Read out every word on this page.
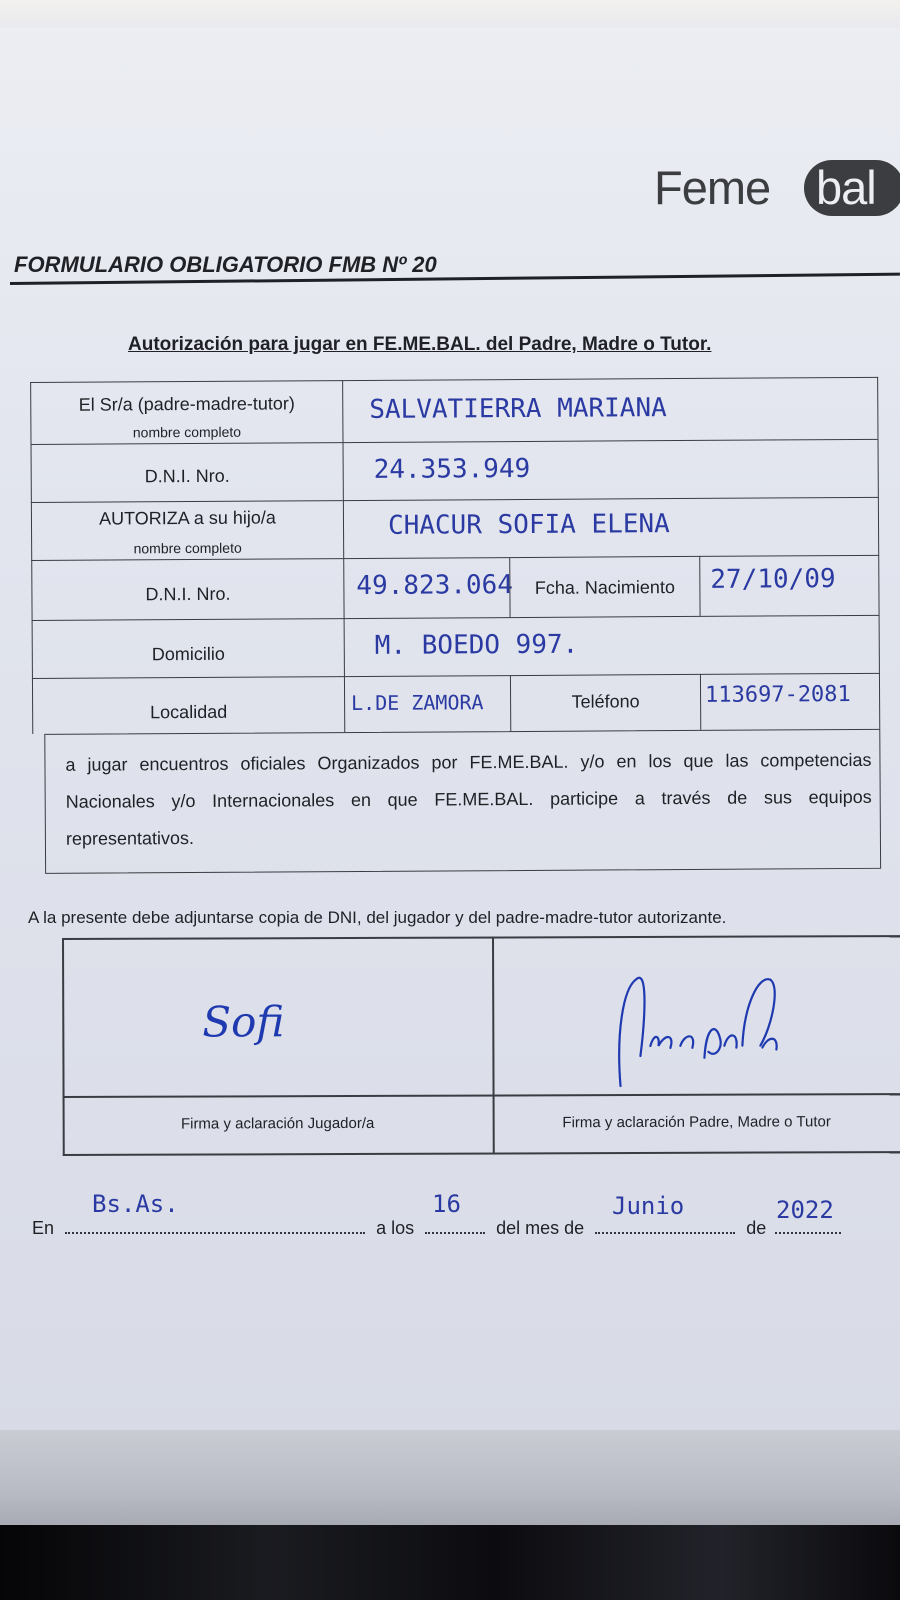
Feme bal
FORMULARIO OBLIGATORIO FMB Nº 20
Autorización para jugar en FE.ME.BAL. del Padre, Madre o Tutor.
El Sr/a (padre-madre-tutor)
nombre completo
SALVATIERRA MARIANA
D.N.I. Nro.	24.353.949
AUTORIZA a su hijo/a
nombre completo
CHACUR SOFIA ELENA
D.N.I. Nro.	49.823.064	Fcha. Nacimiento	27/10/09
Domicilio	M. BOEDO 997.
Localidad	L.DE ZAMORA	Teléfono	113697-2081
a jugar encuentros oficiales Organizados por FE.ME.BAL. y/o en los que las competencias Nacionales y/o Internacionales en que FE.ME.BAL. participe a través de sus equipos representativos.
A la presente debe adjuntarse copia de DNI, del jugador y del padre-madre-tutor autorizante.
Sofi
Firma y aclaración Jugador/a	Firma y aclaración Padre, Madre o Tutor
En	a los	del mes de	de
Bs.As.	16	Junio	2022
